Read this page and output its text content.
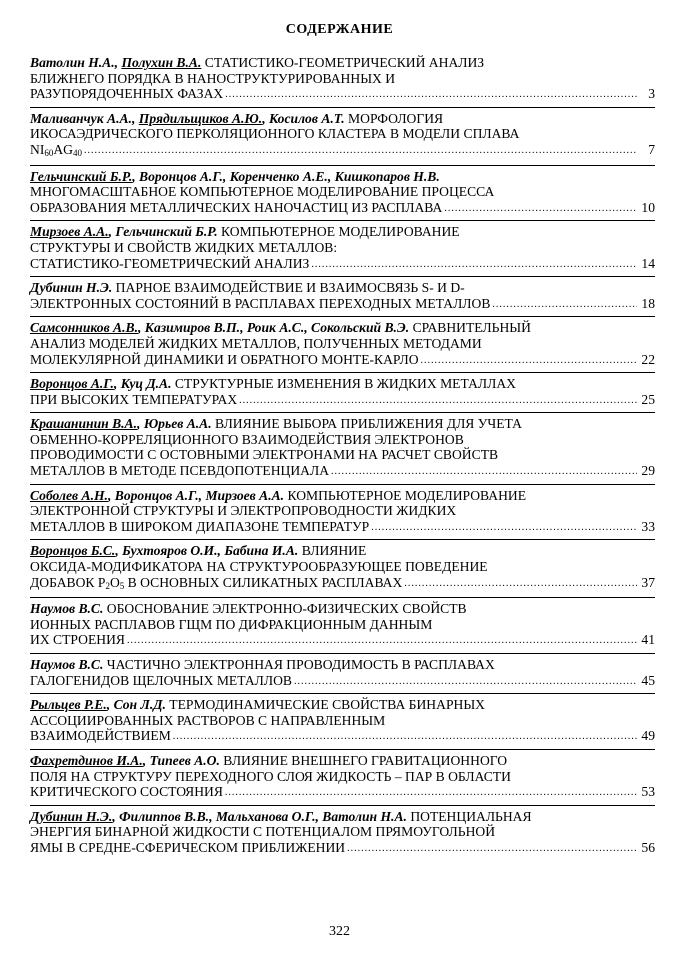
СОДЕРЖАНИЕ
Ватолин Н.А., Полухин В.А. СТАТИСТИКО-ГЕОМЕТРИЧЕСКИЙ АНАЛИЗ
БЛИЖНЕГО ПОРЯДКА В НАНОСТРУКТУРИРОВАННЫХ И
РАЗУПОРЯДОЧЕННЫХ ФАЗАХ .....	3
Маливанчук А.А., Прядильщиков А.Ю., Косилов А.Т. МОРФОЛОГИЯ
ИКОСАЭДРИЧЕСКОГО ПЕРКОЛЯЦИОННОГО КЛАСТЕРА В МОДЕЛИ СПЛАВА
$NI_{60}AG_{40}$ .....	7
Гельчинский Б.Р., Воронцов А.Г., Коренченко А.Е., Кишкопаров Н.В.
МНОГОМАСШТАБНОЕ КОМПЬЮТЕРНОЕ МОДЕЛИРОВАНИЕ ПРОЦЕССА
ОБРАЗОВАНИЯ МЕТАЛЛИЧЕСКИХ НАНОЧАСТИЦ ИЗ РАСПЛАВА .....	10
Мирзоев А.А., Гельчинский Б.Р. КОМПЬЮТЕРНОЕ МОДЕЛИРОВАНИЕ
СТРУКТУРЫ И СВОЙСТВ ЖИДКИХ МЕТАЛЛОВ:
СТАТИСТИКО-ГЕОМЕТРИЧЕСКИЙ АНАЛИЗ .....	14
Дубинин Н.Э. ПАРНОЕ ВЗАИМОДЕЙСТВИЕ И ВЗАИМОСВЯЗЬ S- И D-
ЭЛЕКТРОННЫХ СОСТОЯНИЙ В РАСПЛАВАХ ПЕРЕХОДНЫХ МЕТАЛЛОВ .....	18
Самсонников А.В., Казимиров В.П., Роик А.С., Сокольский В.Э. СРАВНИТЕЛЬНЫЙ
АНАЛИЗ МОДЕЛЕЙ ЖИДКИХ МЕТАЛЛОВ, ПОЛУЧЕННЫХ МЕТОДАМИ
МОЛЕКУЛЯРНОЙ ДИНАМИКИ И ОБРАТНОГО МОНТЕ-КАРЛО .....	22
Воронцов А.Г., Куц Д.А. СТРУКТУРНЫЕ ИЗМЕНЕНИЯ В ЖИДКИХ МЕТАЛЛАХ
ПРИ ВЫСОКИХ ТЕМПЕРАТУРАХ .....	25
Крашанинин В.А., Юрьев А.А. ВЛИЯНИЕ ВЫБОРА ПРИБЛИЖЕНИЯ ДЛЯ УЧЕТА
ОБМЕННО-КОРРЕЛЯЦИОННОГО ВЗАИМОДЕЙСТВИЯ ЭЛЕКТРОНОВ
ПРОВОДИМОСТИ С ОСТОВНЫМИ ЭЛЕКТРОНАМИ НА РАСЧЕТ СВОЙСТВ
МЕТАЛЛОВ В МЕТОДЕ ПСЕВДОПОТЕНЦИАЛА .....	29
Соболев А.Н., Воронцов А.Г., Мирзоев А.А. КОМПЬЮТЕРНОЕ МОДЕЛИРОВАНИЕ
ЭЛЕКТРОННОЙ СТРУКТУРЫ И ЭЛЕКТРОПРОВОДНОСТИ ЖИДКИХ
МЕТАЛЛОВ В ШИРОКОМ ДИАПАЗОНЕ ТЕМПЕРАТУР .....	33
Воронцов Б.С., Бухтояров О.И., Бабина И.А. ВЛИЯНИЕ
ОКСИДА-МОДИФИКАТОРА НА СТРУКТУРООБРАЗУЮЩЕЕ ПОВЕДЕНИЕ
ДОБАВОК $P_2O_5$ В ОСНОВНЫХ СИЛИКАТНЫХ РАСПЛАВАХ .....	37
Наумов В.С. ОБОСНОВАНИЕ ЭЛЕКТРОННО-ФИЗИЧЕСКИХ СВОЙСТВ
ИОННЫХ РАСПЛАВОВ ГЩМ ПО ДИФРАКЦИОННЫМ ДАННЫМ
ИХ СТРОЕНИЯ .....	41
Наумов В.С. ЧАСТИЧНО ЭЛЕКТРОННАЯ ПРОВОДИМОСТЬ В РАСПЛАВАХ
ГАЛОГЕНИДОВ ЩЕЛОЧНЫХ МЕТАЛЛОВ .....	45
Рыльцев Р.Е., Сон Л.Д. ТЕРМОДИНАМИЧЕСКИЕ СВОЙСТВА БИНАРНЫХ
АССОЦИИРОВАННЫХ РАСТВОРОВ С НАПРАВЛЕННЫМ
ВЗАИМОДЕЙСТВИЕМ .....	49
Фахретдинов И.А., Типеев А.О. ВЛИЯНИЕ ВНЕШНЕГО ГРАВИТАЦИОННОГО
ПОЛЯ НА СТРУКТУРУ ПЕРЕХОДНОГО СЛОЯ ЖИДКОСТЬ – ПАР В ОБЛАСТИ
КРИТИЧЕСКОГО СОСТОЯНИЯ .....	53
Дубинин Н.Э., Филиппов В.В., Мальханова О.Г., Ватолин Н.А. ПОТЕНЦИАЛЬНАЯ
ЭНЕРГИЯ БИНАРНОЙ ЖИДКОСТИ С ПОТЕНЦИАЛОМ ПРЯМОУГОЛЬНОЙ
ЯМЫ В СРЕДНЕ-СФЕРИЧЕСКОМ ПРИБЛИЖЕНИИ .....	56
322
